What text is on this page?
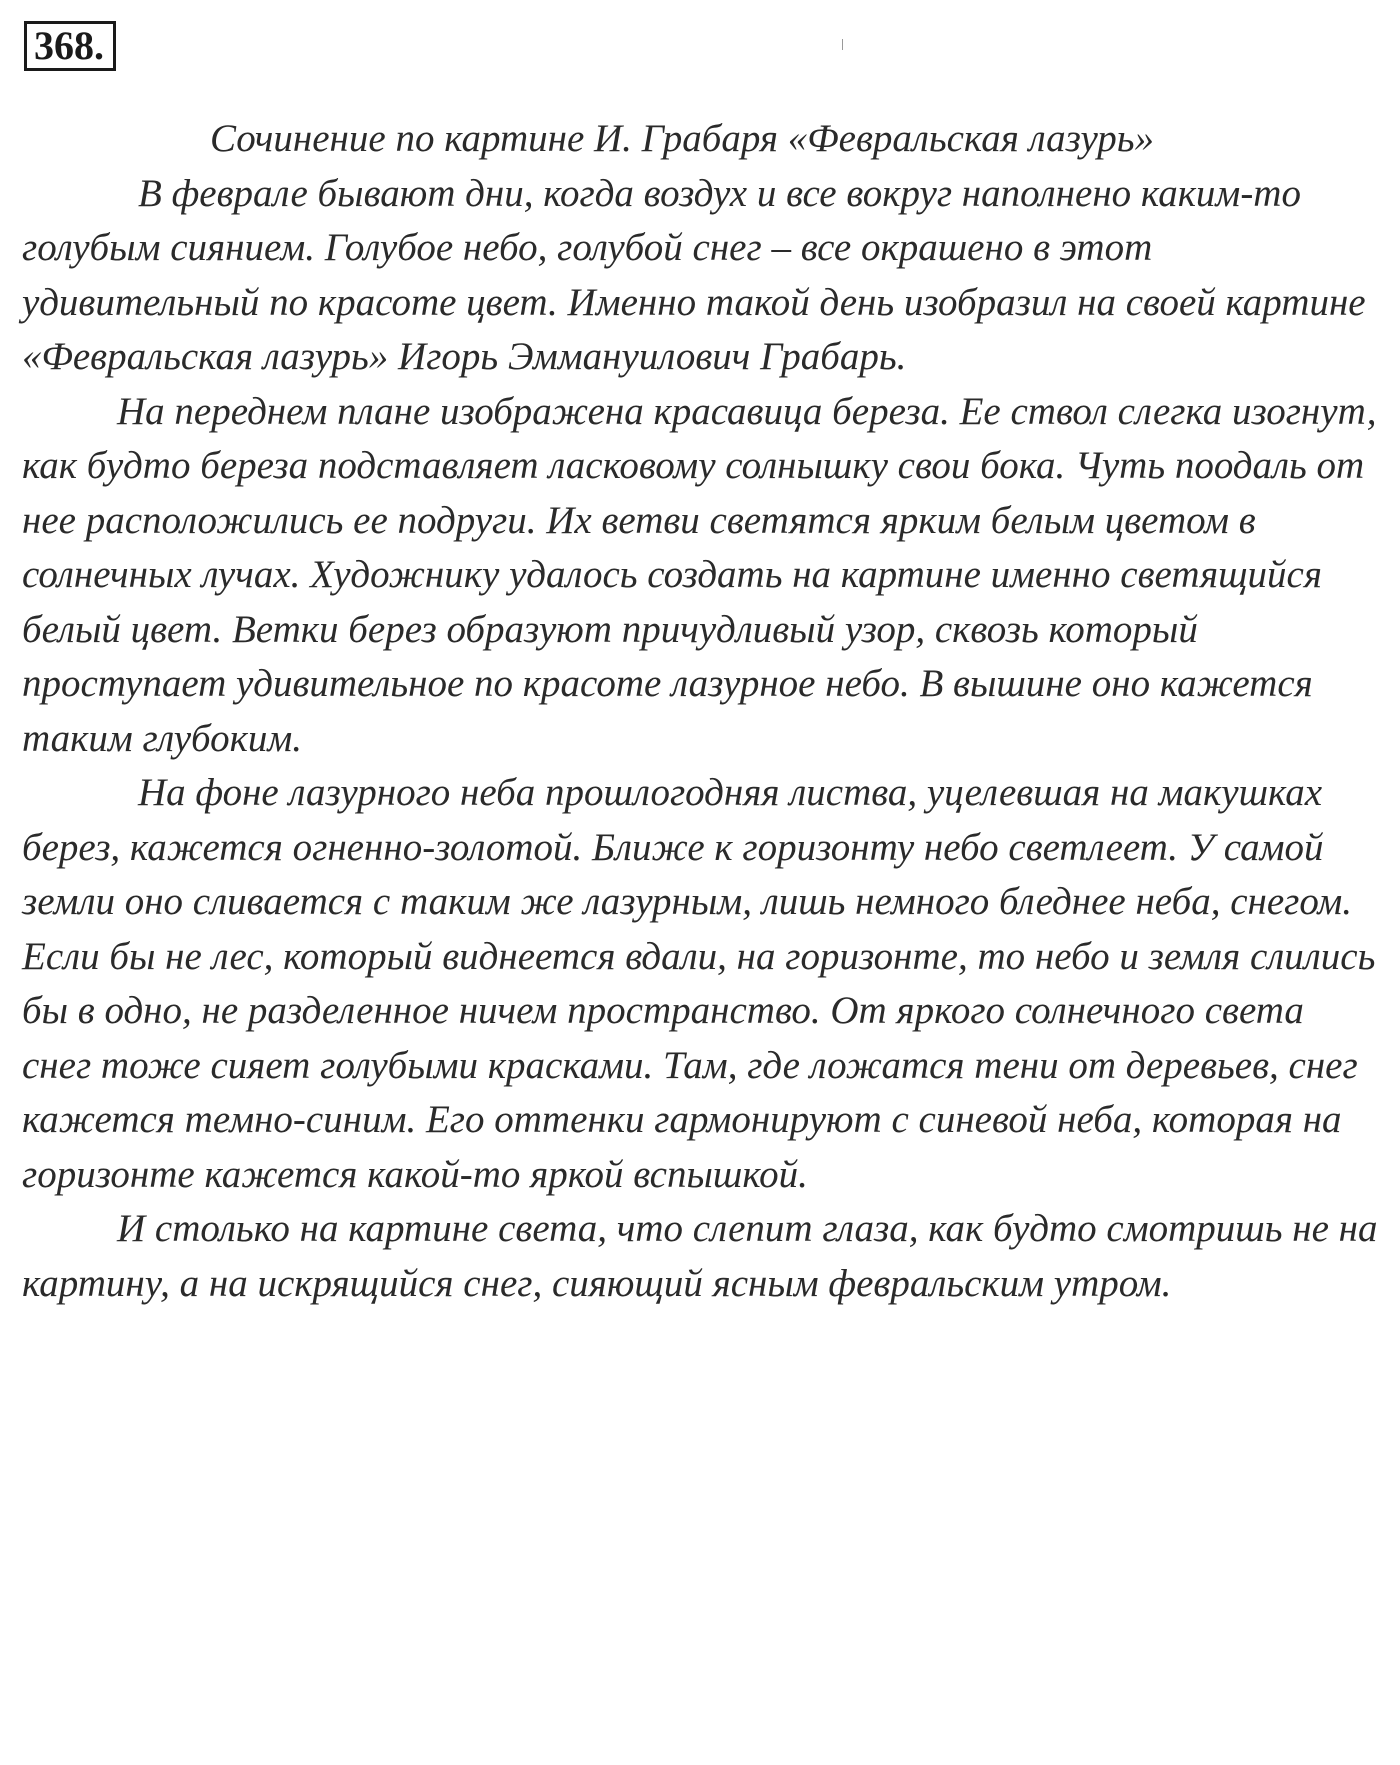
368.
Сочинение по картине И. Грабаря «Февральская лазурь»

В феврале бывают дни, когда воздух и все вокруг наполнено каким-то голубым сиянием. Голубое небо, голубой снег – все окрашено в этот удивительный по красоте цвет. Именно такой день изобразил на своей картине «Февральская лазурь» Игорь Эммануилович Грабарь.

На переднем плане изображена красавица береза. Ее ствол слегка изогнут, как будто береза подставляет ласковому солнышку свои бока. Чуть поодаль от нее расположились ее подруги. Их ветви светятся ярким белым цветом в солнечных лучах. Художнику удалось создать на картине именно светящийся белый цвет. Ветки берез образуют причудливый узор, сквозь который проступает удивительное по красоте лазурное небо. В вышине оно кажется таким глубоким.

На фоне лазурного неба прошлогодняя листва, уцелевшая на макушках берез, кажется огненно-золотой. Ближе к горизонту небо светлеет. У самой земли оно сливается с таким же лазурным, лишь немного бледнее неба, снегом. Если бы не лес, который виднеется вдали, на горизонте, то небо и земля слились бы в одно, не разделенное ничем пространство. От яркого солнечного света снег тоже сияет голубыми красками. Там, где ложатся тени от деревьев, снег кажется темно-синим. Его оттенки гармонируют с синевой неба, которая на горизонте кажется какой-то яркой вспышкой.

И столько на картине света, что слепит глаза, как будто смотришь не на картину, а на искрящийся снег, сияющий ясным февральским утром.
